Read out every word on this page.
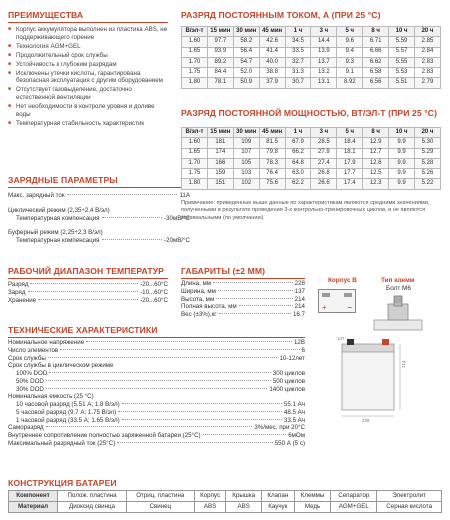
ПРЕИМУЩЕСТВА
■ Корпус аккумулятора выполнен из пластика ABS, не поддерживающего горение
■ Технология AGM+GEL
■ Продолжительный срок службы
■ Устойчивость к глубоким разрядам
■ Исключены утечки кислоты, гарантирована безопасная эксплуатация с другим оборудованием
■ Отсутствует газовыделение, достаточно естественной вентиляции
■ Нет необходимости в контроле уровня и доливе воды
■ Температурная стабильность характеристик
ЗАРЯДНЫЕ ПАРАМЕТРЫ
Макс. зарядный ток	11А
Циклический режим (2,35÷2,4 В/эл)
Температурная компенсация	-30мВ/°С
Буферный режим (2,25÷2,3 В/эл)
Температурная компенсация	-20мВ/°С
РАБОЧИЙ ДИАПАЗОН ТЕМПЕРАТУР
Разряд	-20...60°С
Заряд	-10...60°С
Хранение	-20...60°С
ГАБАРИТЫ (±2 ММ)
Длина, мм	228
Ширина, мм	137
Высота, мм	214
Полная высота, мм	214
Вес (±3%),кг	16.7
Корпус В
+	−
Тип клемм
Болт М6
214
228
137
ТЕХНИЧЕСКИЕ ХАРАКТЕРИСТИКИ
Номинальное напряжение	12В
Число элементов	6
Срок службы	10-12лет
Срок службы в циклическом режиме
100% DOD	300 циклов
50% DOD	500 циклов
30% DOD	1400 циклов
Номинальная емкость (25 °С)
10 часовой разряд (5.51 А; 1.8 В/эл)	55.1 Ач
5 часовой разряд (9.7 А; 1.75 В/эл)	48.5 Ач
1 часовой разряд (33.5 А; 1.65 В/эл)	33.5 Ач
Саморазряд	3%/мес. при 20°С
Внутреннее сопротивление полностью заряженной батареи (25°С)	6мОм
Максимальный разрядный ток (25°С)	550 А (5 с)
РАЗРЯД ПОСТОЯННЫМ ТОКОМ, А (ПРИ 25 °С)
В/эл-т	15 мин	30 мин	45 мин	1 ч	3 ч	5 ч	8 ч	10 ч	20 ч
1.60	97.7	58.2	42.6	34.5	14.4	9.6	6.71	5.59	2.85
1.65	93.9	56.4	41.4	33.5	13.9	9.4	6.66	5.57	2.84
1.70	89.2	54.7	40.0	32.7	13.7	9.3	6.62	5.55	2.83
1.75	84.4	52.0	38.8	31.3	13.2	9.1	6.58	5.53	2.83
1.80	78.1	50.9	37.9	30.7	13.1	8.92	6.56	5.51	2.79
РАЗРЯД ПОСТОЯННОЙ МОЩНОСТЬЮ, ВТ/ЭЛ-Т (ПРИ 25 °С)
В/эл-т	15 мин	30 мин	45 мин	1 ч	3 ч	5 ч	8 ч	10 ч	20 ч
1.60	181	109	81.5	67.9	28.5	18.4	12.9	9.9	5.30
1.65	174	107	79.8	66.2	27.9	18.1	12.7	9.9	5.29
1.70	166	105	78.3	64.8	27.4	17.9	12.6	9.9	5.28
1.75	159	103	76.4	63.0	26.8	17.7	12.5	9.9	5.26
1.80	151	102	75.6	62.2	26.6	17.4	12.3	9.9	5.22
Примечание: приведенные выше данные по характеристикам являются средними значениями, полученными в результате проведения 3-х контрольно-тренировочных циклов, и не являются минимальными (по умолчанию)
КОНСТРУКЦИЯ БАТАРЕИ
Компонент	Полож. пластина	Отриц. пластина	Корпус	Крышка	Клапан	Клеммы	Сепаратор	Электролит
Материал	Диоксид свинца	Свинец	ABS	ABS	Каучук	Медь	AGM+GEL	Серная кислота
